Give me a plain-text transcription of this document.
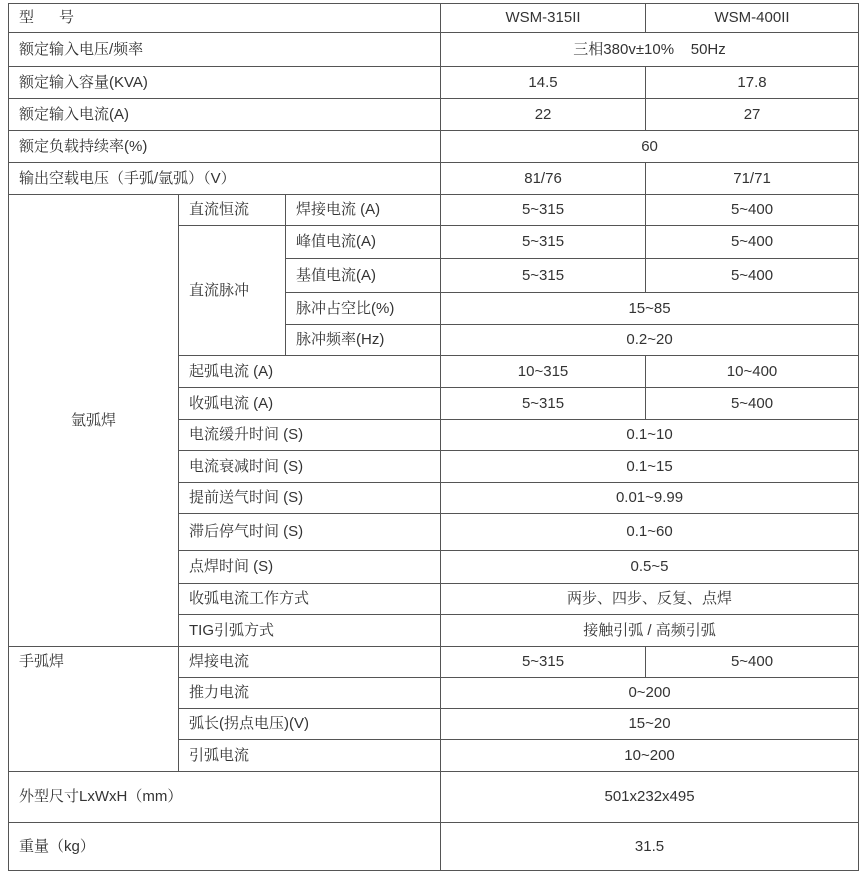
型      号			WSM-315II	WSM-400II
额定输入电压/频率			三相380v±10%    50Hz	
额定输入容量(KVA)			14.5	17.8
额定输入电流(A)			22	27
额定负载持续率(%)			60	
输出空载电压（手弧/氩弧）（V）			81/76	71/71
氩弧焊	直流恒流	焊接电流 (A)	5~315	5~400
	直流脉冲	峰值电流(A)	5~315	5~400
		基值电流(A)	5~315	5~400
		脉冲占空比(%)	15~85	
		脉冲频率(Hz)	0.2~20	
	起弧电流 (A)		10~315	10~400
	收弧电流 (A)		5~315	5~400
	电流缓升时间 (S)		0.1~10	
	电流衰减时间 (S)		0.1~15	
	提前送气时间 (S)		0.01~9.99	
	滞后停气时间 (S)		0.1~60	
	点焊时间 (S)		0.5~5	
	收弧电流工作方式		两步、四步、反复、点焊	
	TIG引弧方式		接触引弧 / 高频引弧	
手弧焊	焊接电流		5~315	5~400
	推力电流		0~200	
	弧长(拐点电压)(V)		15~20	
	引弧电流		10~200	
外型尺寸LxWxH（mm）			501x232x495	
重量（kg）			31.5	
